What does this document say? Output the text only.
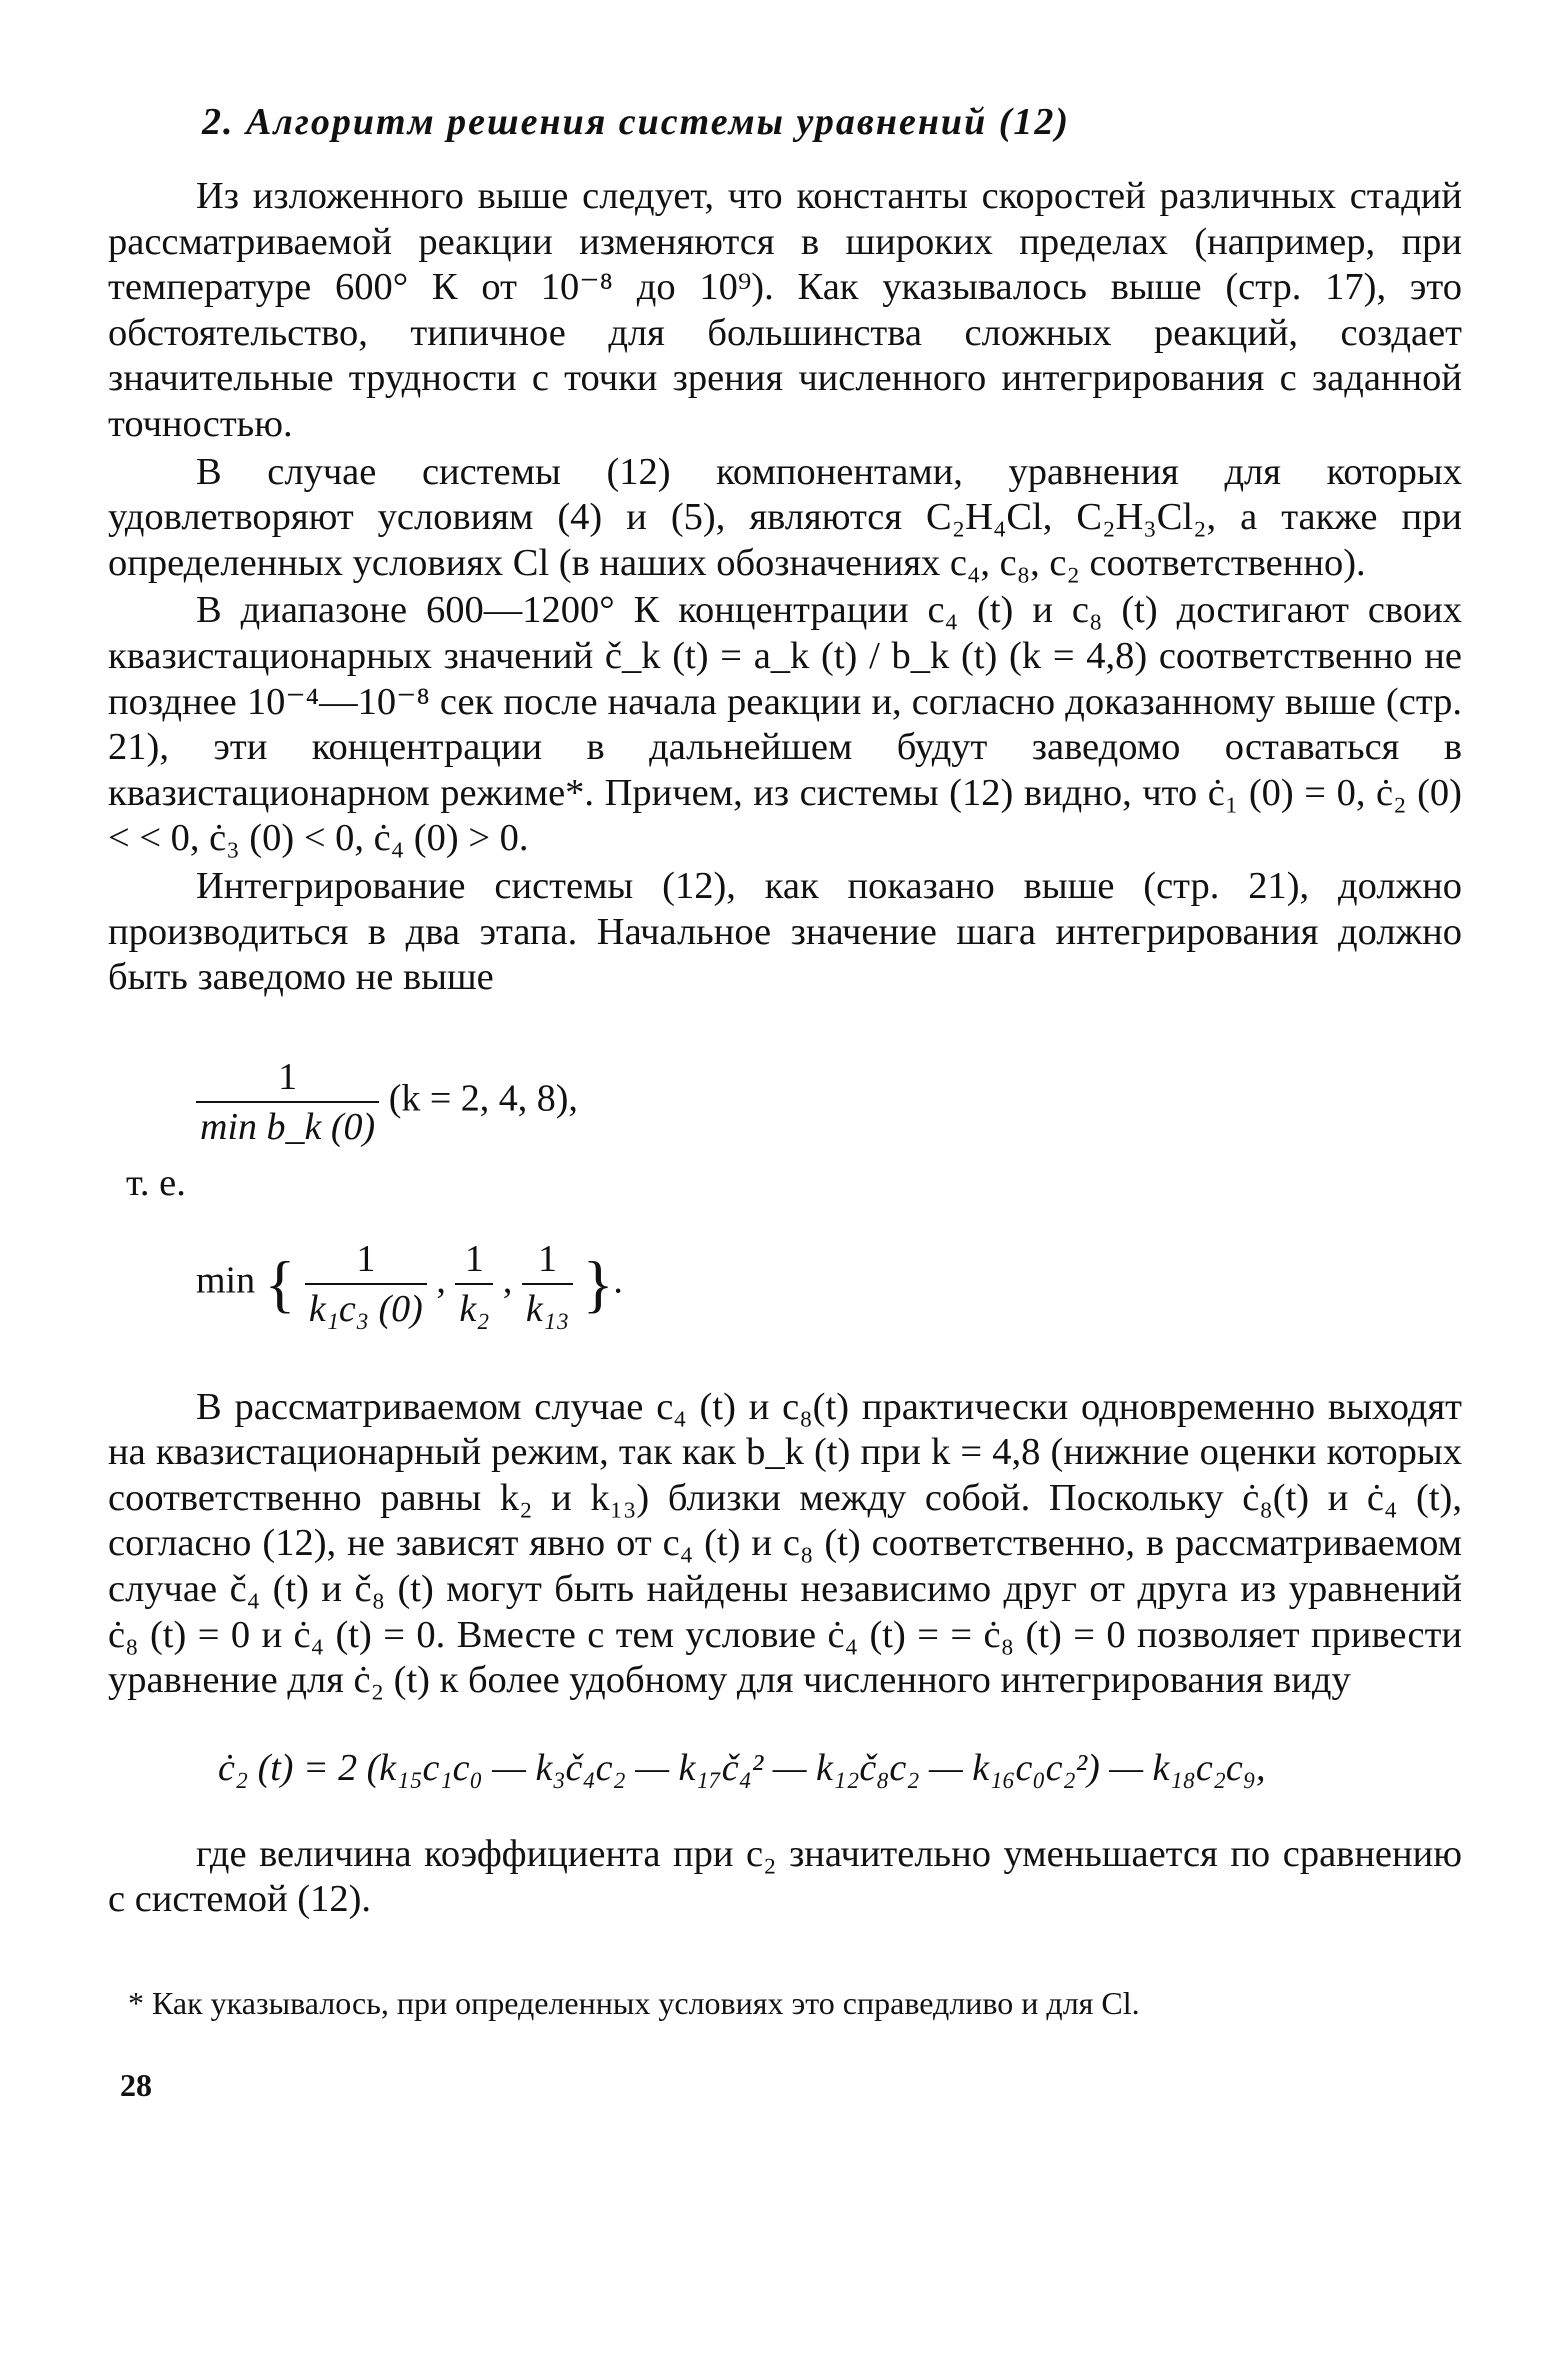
2. Алгоритм решения системы уравнений (12)

Из изложенного выше следует, что константы скоростей различных стадий рассматриваемой реакции изменяются в широких пределах (например, при температуре 600° К от 10⁻⁸ до 10⁹). Как указывалось выше (стр. 17), это обстоятельство, типичное для большинства сложных реакций, создает значительные трудности с точки зрения численного интегрирования с заданной точностью.

В случае системы (12) компонентами, уравнения для которых удовлетворяют условиям (4) и (5), являются C₂H₄Cl, C₂H₃Cl₂, а также при определенных условиях Cl (в наших обозначениях c₄, c₈, c₂ соответственно).

В диапазоне 600—1200° К концентрации c₄ (t) и c₈ (t) достигают своих квазистационарных значений č_k (t) = a_k (t) / b_k (t) (k = 4,8) соответственно не позднее 10⁻⁴—10⁻⁸ сек после начала реакции и, согласно доказанному выше (стр. 21), эти концентрации в дальнейшем будут заведомо оставаться в квазистационарном режиме*. Причем, из системы (12) видно, что ċ₁ (0) = 0, ċ₂ (0) < < 0, ċ₃ (0) < 0, ċ₄ (0) > 0.

Интегрирование системы (12), как показано выше (стр. 21), должно производиться в два этапа. Начальное значение шага интегрирования должно быть заведомо не выше

$\frac{1}{\text{min b\_k (0)}} (k = 2$, 4, 8),
т. е.
min { $\frac{1}{\text{k₁c₃ (0)}}$ , $\frac{1}{\text{k₂}}$ , $\frac{1}{\text{k₁₃}}$ }.

В рассматриваемом случае c₄ (t) и c₈(t) практически одновременно выходят на квазистационарный режим, так как b_k (t) при k = 4,8 (нижние оценки которых соответственно равны k₂ и k₁₃) близки между собой. Поскольку ċ₈(t) и ċ₄ (t), согласно (12), не зависят явно от c₄ (t) и c₈ (t) соответственно, в рассматриваемом случае č₄ (t) и č₈ (t) могут быть найдены независимо друг от друга из уравнений ċ₈ (t) = 0 и ċ₄ (t) = 0. Вместе с тем условие ċ₄ (t) = = ċ₈ (t) = 0 позволяет привести уравнение для ċ₂ (t) к более удобному для численного интегрирования виду

ċ₂ (t) = 2 (k₁₅c₁c₀ — k₃č₄c₂ — k₁₇č₄² — k₁₂č₈c₂ — k₁₆c₀c₂²) — k₁₈c₂c₉,

где величина коэффициента при c₂ значительно уменьшается по сравнению с системой (12).

* Как указывалось, при определенных условиях это справедливо и для Cl.
28
